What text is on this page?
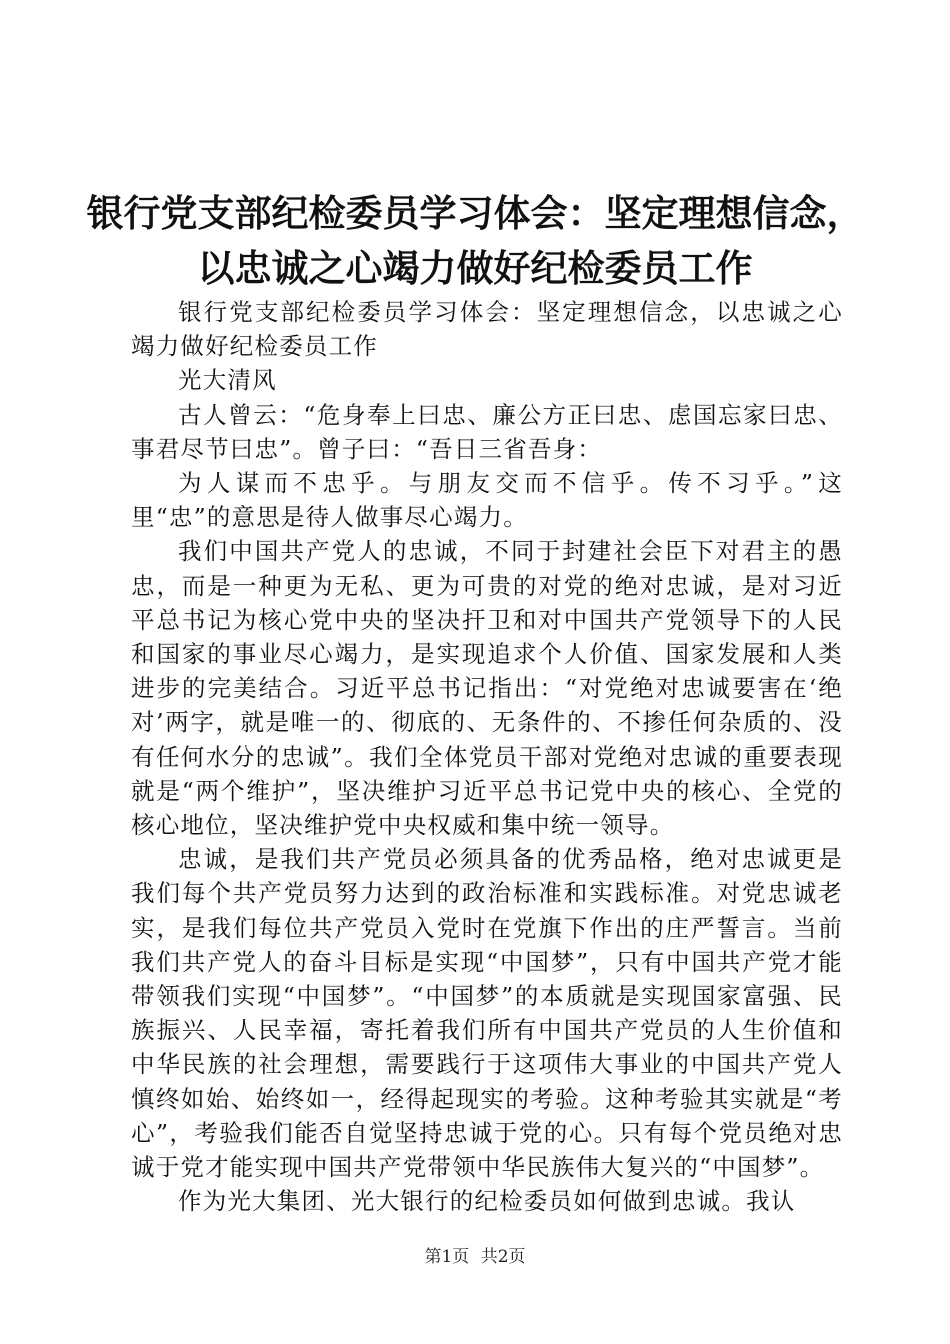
银行党支部纪检委员学习体会：坚定理想信念，
以忠诚之心竭力做好纪检委员工作

银行党支部纪检委员学习体会：坚定理想信念，以忠诚之心竭力做好纪检委员工作

光大清风

古人曾云：“危身奉上曰忠、廉公方正曰忠、虑国忘家曰忠、事君尽节曰忠”。曾子曰：“吾日三省吾身：

为人谋而不忠乎。与朋友交而不信乎。传不习乎。”这里“忠”的意思是待人做事尽心竭力。

我们中国共产党人的忠诚，不同于封建社会臣下对君主的愚忠，而是一种更为无私、更为可贵的对党的绝对忠诚，是对习近平总书记为核心党中央的坚决扞卫和对中国共产党领导下的人民和国家的事业尽心竭力，是实现追求个人价值、国家发展和人类进步的完美结合。习近平总书记指出：“对党绝对忠诚要害在‘绝对’两字，就是唯一的、彻底的、无条件的、不掺任何杂质的、没有任何水分的忠诚”。我们全体党员干部对党绝对忠诚的重要表现就是“两个维护”，坚决维护习近平总书记党中央的核心、全党的核心地位，坚决维护党中央权威和集中统一领导。

忠诚，是我们共产党员必须具备的优秀品格，绝对忠诚更是我们每个共产党员努力达到的政治标准和实践标准。对党忠诚老实，是我们每位共产党员入党时在党旗下作出的庄严誓言。当前我们共产党人的奋斗目标是实现“中国梦”，只有中国共产党才能带领我们实现“中国梦”。“中国梦”的本质就是实现国家富强、民族振兴、人民幸福，寄托着我们所有中国共产党员的人生价值和中华民族的社会理想，需要践行于这项伟大事业的中国共产党人慎终如始、始终如一，经得起现实的考验。这种考验其实就是“考心”，考验我们能否自觉坚持忠诚于党的心。只有每个党员绝对忠诚于党才能实现中国共产党带领中华民族伟大复兴的“中国梦”。

作为光大集团、光大银行的纪检委员如何做到忠诚。我认

第1页 共2页
